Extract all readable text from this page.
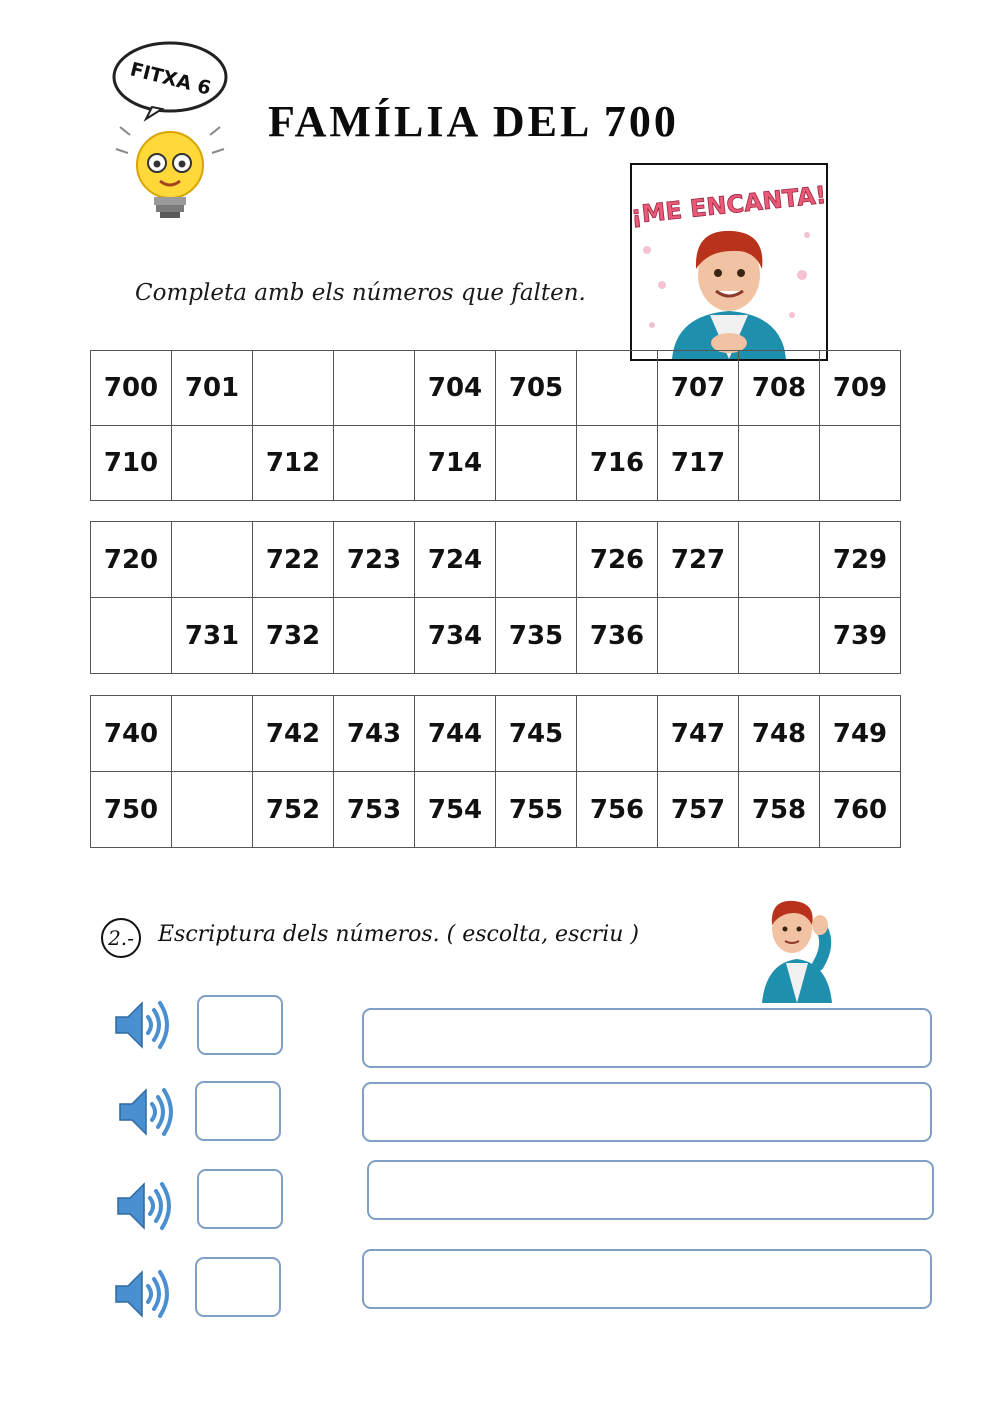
FITXA 6
FAMÍLIA DEL 700
¡ME ENCANTA!
Completa amb els números que falten.
700	701			704	705		707	708	709
710		712		714		716	717		
720		722	723	724		726	727		729
	731	732		734	735	736			739
740		742	743	744	745		747	748	749
750		752	753	754	755	756	757	758	760
2.-	Escriptura dels números. ( escolta, escriu )
